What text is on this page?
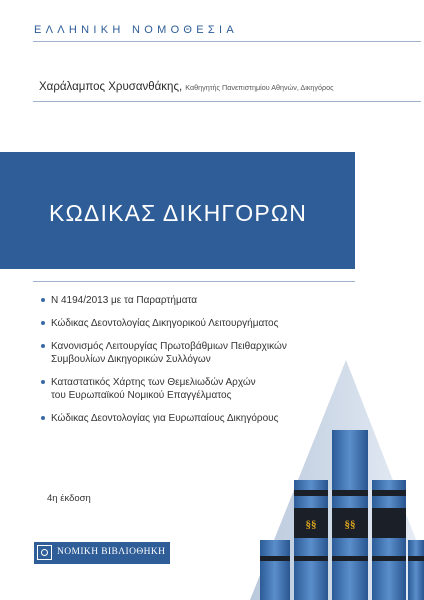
ΕΛΛΗΝΙΚΗ ΝΟΜΟΘΕΣΙΑ
Χαράλαμπος Χρυσανθάκης, Καθηγητής Πανεπιστημίου Αθηνών, Δικηγόρος
ΚΩΔΙΚΑΣ ΔΙΚΗΓΟΡΩΝ
Ν 4194/2013 με τα Παραρτήματα
Κώδικας Δεοντολογίας Δικηγορικού Λειτουργήματος
Κανονισμός Λειτουργίας Πρωτοβάθμιων Πειθαρχικών
Συμβουλίων Δικηγορικών Συλλόγων
Καταστατικός Χάρτης των Θεμελιωδών Αρχών
του Ευρωπαϊκού Νομικού Επαγγέλματος
Κώδικας Δεοντολογίας για Ευρωπαίους Δικηγόρους
4η έκδοση
ΝΟΜΙΚΗ ΒΙΒΛΙΟΘΗΚΗ
§§	§§
